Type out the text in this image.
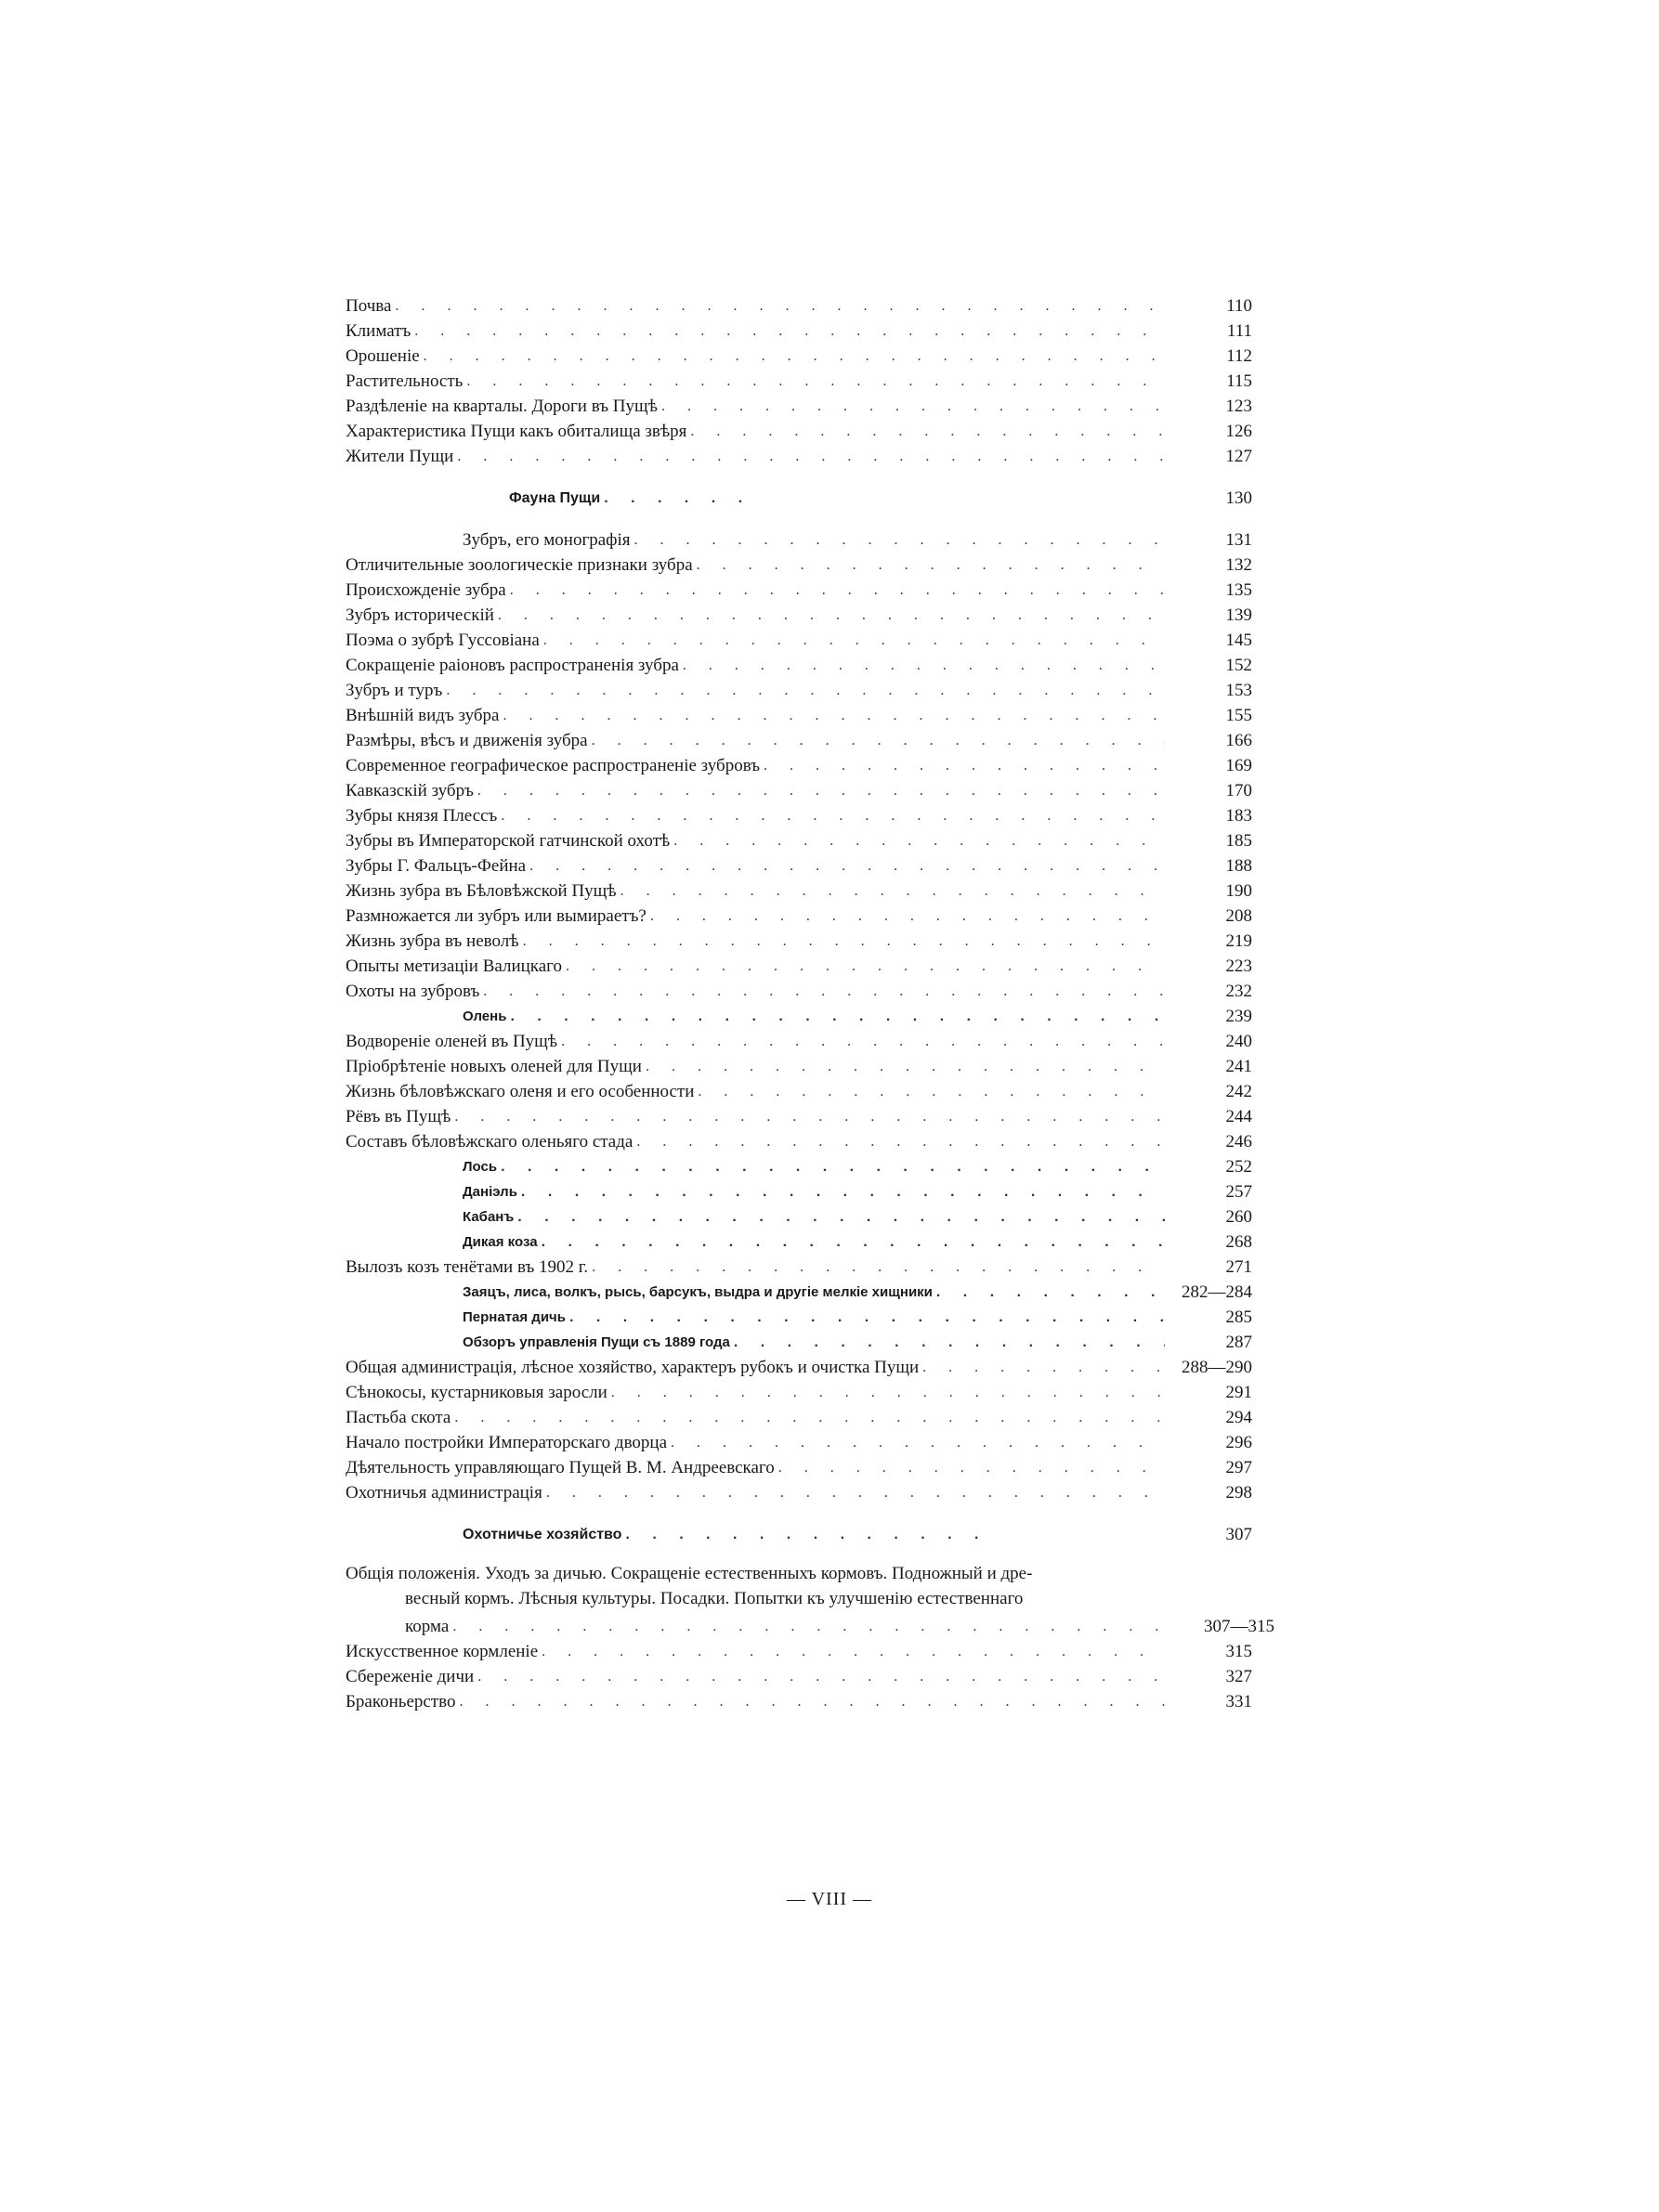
Почва . . .	110
Климатъ . . .	111
Орошеніе . . .	112
Растительность . . .	115
Раздѣленіе на кварталы. Дороги въ Пущѣ . . .	123
Характеристика Пущи какъ обиталища звѣря . . .	126
Жители Пущи . . .	127
Фауна Пущи . . .	130
Зубръ, его монографія . . .	131
Отличительные зоологическіе признаки зубра . . .	132
Происхожденіе зубра . . .	135
Зубръ историческій . . .	139
Поэма о зубрѣ Гуссовіана . . .	145
Сокращеніе раіоновъ распространенія зубра . . .	152
Зубръ и туръ . . .	153
Внѣшній видъ зубра . . .	155
Размѣры, вѣсъ и движенія зубра . . .	166
Современное географическое распространеніе зубровъ . . .	169
Кавказскій зубръ . . .	170
Зубры князя Плессъ . . .	183
Зубры въ Императорской гатчинской охотѣ . . .	185
Зубры Г. Фальцъ-Фейна . . .	188
Жизнь зубра въ Бѣловѣжской Пущѣ . . .	190
Размножается ли зубръ или вымираетъ? . . .	208
Жизнь зубра въ неволѣ . . .	219
Опыты метизаціи Валицкаго . . .	223
Охоты на зубровъ . . .	232
Олень . . .	239
Водвореніе оленей въ Пущѣ . . .	240
Пріобрѣтеніе новыхъ оленей для Пущи . . .	241
Жизнь бѣловѣжскаго оленя и его особенности . . .	242
Рёвъ въ Пущѣ . . .	244
Составъ бѣловѣжскаго оленьяго стада . . .	246
Лось . . .	252
Даніэль . . .	257
Кабанъ . . .	260
Дикая коза . . .	268
Вылозъ козъ тенётами въ 1902 г. . . .	271
Заяцъ, лиса, волкъ, рысь, барсукъ, выдра и другіе мелкіе хищники . . .	282—284
Пернатая дичь . . .	285
Обзоръ управленія Пущи съ 1889 года . . .	287
Общая администрація, лѣсное хозяйство, характеръ рубокъ и очистка Пущи . . .	288—290
Сѣнокосы, кустарниковыя заросли . . .	291
Пастьба скота . . .	294
Начало постройки Императорскаго дворца . . .	296
Дѣятельность управляющаго Пущей В. М. Андреевскаго . . .	297
Охотничья администрація . . .	298
Охотничье хозяйство . . .	307
Общія положенія. Уходъ за дичью. Сокращеніе естественныхъ кормовъ. Подножный и дре-
весный кормъ. Лѣсныя культуры. Посадки. Попытки къ улучшенію естественнаго
корма . . .	307—315
Искусственное кормленіе . . .	315
Сбереженіе дичи . . .	327
Браконьерство . . .	331
— VIII —
